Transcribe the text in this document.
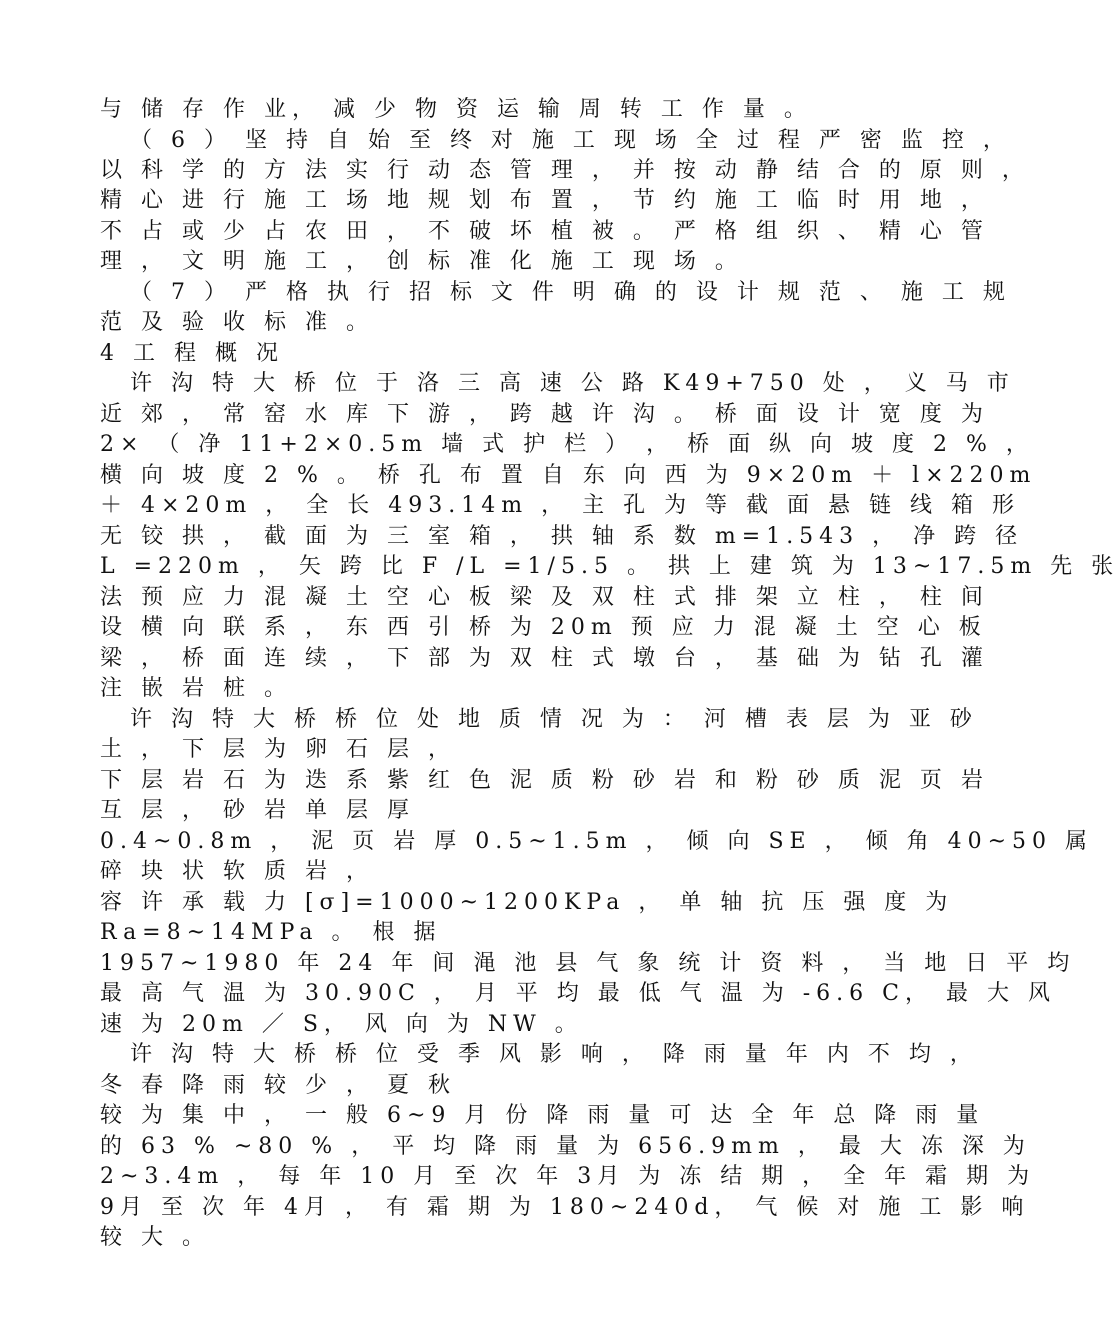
与 储 存 作 业， 减 少 物 资 运 输 周 转 工 作 量 。
（ 6 ） 坚 持 自 始 至 终 对 施 工 现 场 全 过 程 严 密 监 控 ，
以 科 学 的 方 法 实 行 动 态 管 理 ， 并 按 动 静 结 合 的 原 则 ，
精 心 进 行 施 工 场 地 规 划 布 置 ， 节 约 施 工 临 时 用 地 ，
不 占 或 少 占 农 田 ， 不 破 坏 植 被 。 严 格 组 织 、 精 心 管
理 ， 文 明 施 工 ， 创 标 准 化 施 工 现 场 。
（ 7 ） 严 格 执 行 招 标 文 件 明 确 的 设 计 规 范 、 施 工 规
范 及 验 收 标 准 。
4 工 程 概 况
许 沟 特 大 桥 位 于 洛 三 高 速 公 路 K49+750 处 ， 义 马 市
近 郊 ， 常 窑 水 库 下 游 ， 跨 越 许 沟 。 桥 面 设 计 宽 度 为
2× （ 净 11+2×0.5m 墙 式 护 栏 ） ， 桥 面 纵 向 坡 度 2 % ，
横 向 坡 度 2 % 。 桥 孔 布 置 自 东 向 西 为 9×20m ＋ l×220m
＋ 4×20m ， 全 长 493.14m ， 主 孔 为 等 截 面 悬 链 线 箱 形
无 铰 拱 ， 截 面 为 三 室 箱 ， 拱 轴 系 数 m=1.543 ， 净 跨 径
L =220m ， 矢 跨 比 F /L =1/5.5 。 拱 上 建 筑 为 13~17.5m 先 张
法 预 应 力 混 凝 土 空 心 板 梁 及 双 柱 式 排 架 立 柱 ， 柱 间
设 横 向 联 系 ， 东 西 引 桥 为 20m 预 应 力 混 凝 土 空 心 板
梁 ， 桥 面 连 续 ， 下 部 为 双 柱 式 墩 台 ， 基 础 为 钻 孔 灌
注 嵌 岩 桩 。
许 沟 特 大 桥 桥 位 处 地 质 情 况 为 ： 河 槽 表 层 为 亚 砂
土 ， 下 层 为 卵 石 层 ，
下 层 岩 石 为 迭 系 紫 红 色 泥 质 粉 砂 岩 和 粉 砂 质 泥 页 岩
互 层 ， 砂 岩 单 层 厚
0.4~0.8m ， 泥 页 岩 厚 0.5~1.5m ， 倾 向 SE ， 倾 角 40~50 属
碎 块 状 软 质 岩 ，
容 许 承 载 力 [σ]=1000~1200KPa ， 单 轴 抗 压 强 度 为
Ra=8~14MPa 。 根 据
1957~1980 年 24 年 间 渑 池 县 气 象 统 计 资 料 ， 当 地 日 平 均
最 高 气 温 为 30.90C ， 月 平 均 最 低 气 温 为 -6.6 C， 最 大 风
速 为 20m ／ S， 风 向 为 NW 。
许 沟 特 大 桥 桥 位 受 季 风 影 响 ， 降 雨 量 年 内 不 均 ，
冬 春 降 雨 较 少 ， 夏 秋
较 为 集 中 ， 一 般 6~9 月 份 降 雨 量 可 达 全 年 总 降 雨 量
的 63 % ~80 % ， 平 均 降 雨 量 为 656.9mm ， 最 大 冻 深 为
2~3.4m ， 每 年 10 月 至 次 年 3月 为 冻 结 期 ， 全 年 霜 期 为
9月 至 次 年 4月 ， 有 霜 期 为 180~240d， 气 候 对 施 工 影 响
较 大 。
